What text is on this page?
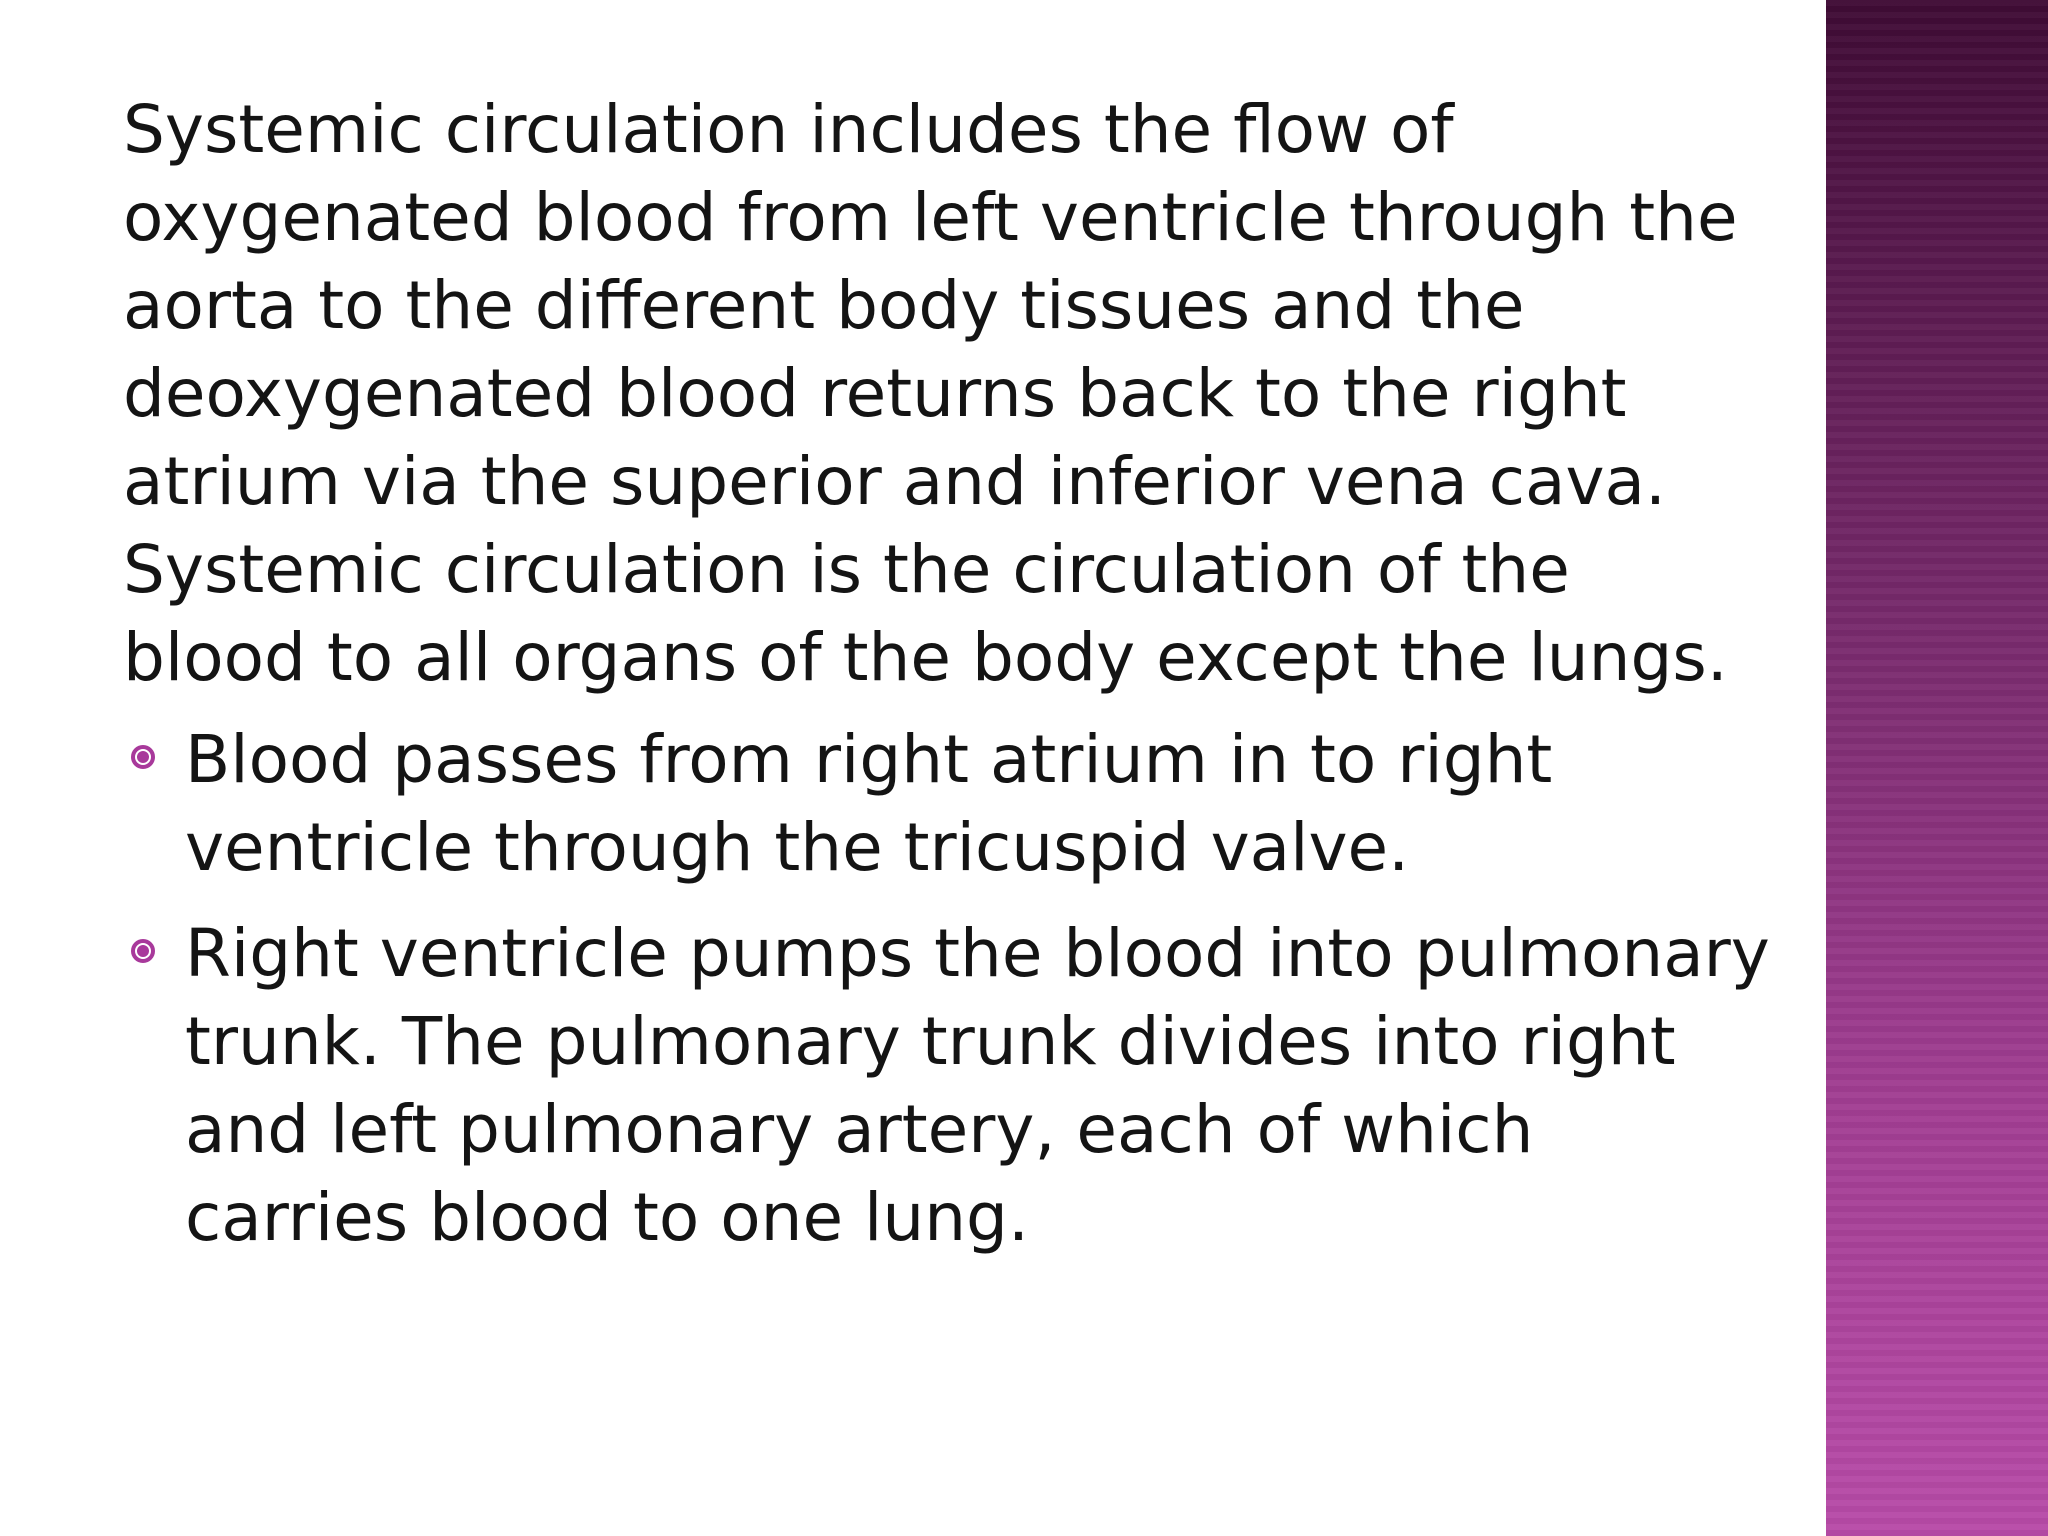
Systemic circulation includes the flow of oxygenated blood from left ventricle through the aorta to the different body tissues and the deoxygenated blood returns back to the right atrium via the superior and inferior vena cava. Systemic circulation is the circulation of the blood to all organs of the body except the lungs.

Blood passes from right atrium in to right ventricle through the tricuspid valve.
Right ventricle pumps the blood into pulmonary trunk. The pulmonary trunk divides into right and left pulmonary artery, each of which carries blood to one lung.
